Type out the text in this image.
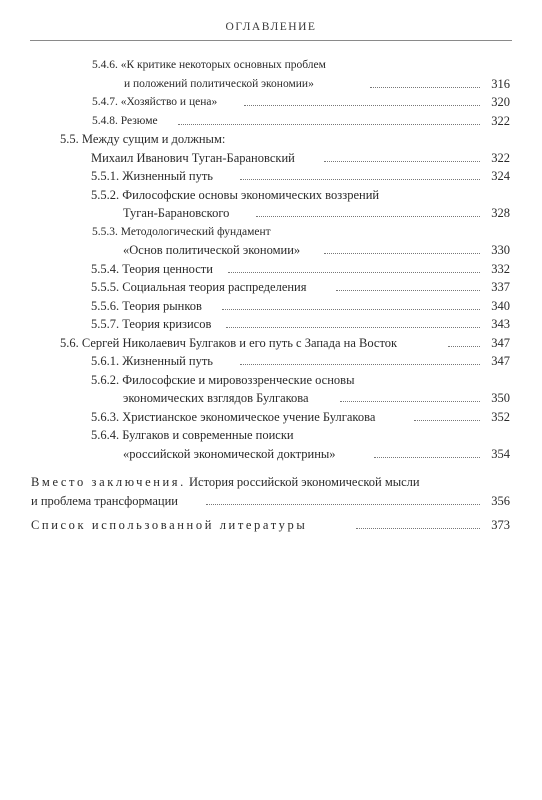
ОГЛАВЛЕНИЕ
5.4.6. «К критике некоторых основных проблем
и положений политической экономии»	316
5.4.7. «Хозяйство и цена»	320
5.4.8. Резюме	322
5.5. Между сущим и должным:
Михаил Иванович Туган-Барановский	322
5.5.1. Жизненный путь	324
5.5.2. Философские основы экономических воззрений
Туган-Барановского	328
5.5.3. Методологический фундамент
«Основ политической экономии»	330
5.5.4. Теория ценности	332
5.5.5. Социальная теория распределения	337
5.5.6. Теория рынков	340
5.5.7. Теория кризисов	343
5.6. Сергей Николаевич Булгаков и его путь с Запада на Восток	347
5.6.1. Жизненный путь	347
5.6.2. Философские и мировоззренческие основы
экономических взглядов Булгакова	350
5.6.3. Христианское экономическое учение Булгакова	352
5.6.4. Булгаков и современные поиски
«российской экономической доктрины»	354
Вместо заключения. История российской экономической мысли
и проблема трансформации	356
Список использованной литературы	373
